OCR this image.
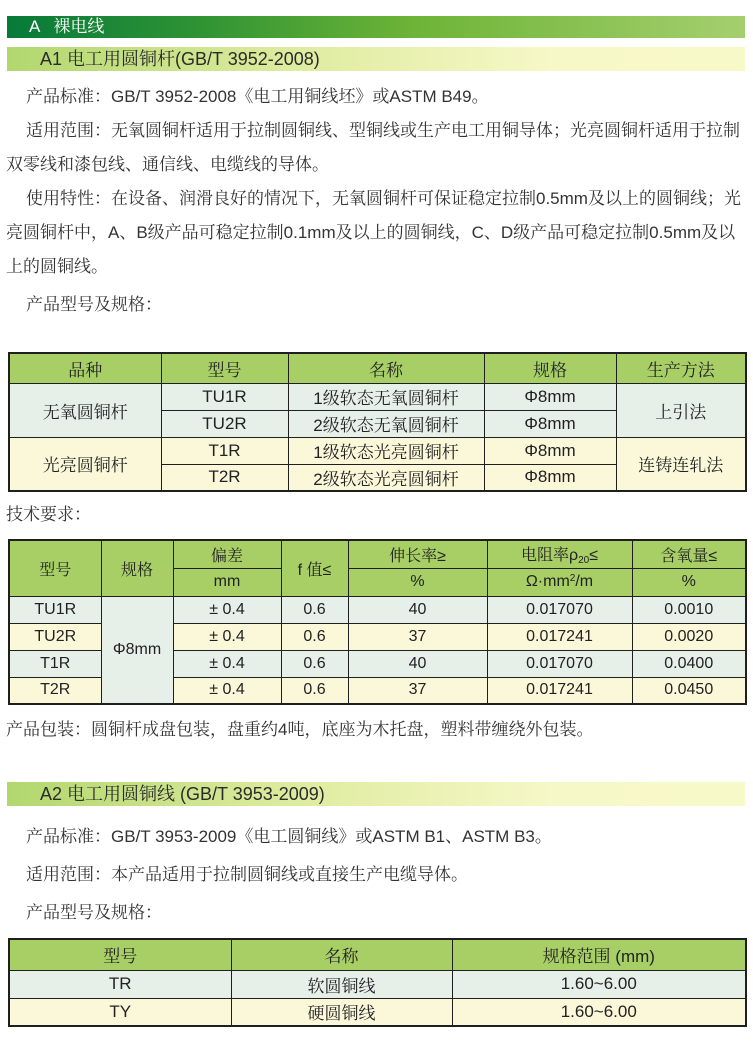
A 裸电线
A1 电工用圆铜杆(GB/T 3952-2008)

产品标准：GB/T 3952-2008《电工用铜线坯》或ASTM B49。

适用范围：无氧圆铜杆适用于拉制圆铜线、型铜线或生产电工用铜导体；光亮圆铜杆适用于拉制双零线和漆包线、通信线、电缆线的导体。

使用特性：在设备、润滑良好的情况下，无氧圆铜杆可保证稳定拉制0.5mm及以上的圆铜线；光亮圆铜杆中，A、B级产品可稳定拉制0.1mm及以上的圆铜线，C、D级产品可稳定拉制0.5mm及以上的圆铜线。

产品型号及规格：

品种	型号	名称	规格	生产方法
无氧圆铜杆	TU1R	1级软态无氧圆铜杆	Φ8mm	上引法
	TU2R	2级软态无氧圆铜杆	Φ8mm	
光亮圆铜杆	T1R	1级软态光亮圆铜杆	Φ8mm	连铸连轧法
	T2R	2级软态光亮圆铜杆	Φ8mm	

技术要求：

型号	规格	偏差	f 值≤	伸长率≥	电阻率$\rho_{20}\le$	含氧量≤
		mm		%	$\Omega\cdot mm^2/m$	%
TU1R	Φ8mm	± 0.4	0.6	40	0.017070	0.0010
TU2R		± 0.4	0.6	37	0.017241	0.0020
T1R		± 0.4	0.6	40	0.017070	0.0400
T2R		± 0.4	0.6	37	0.017241	0.0450

产品包装：圆铜杆成盘包装，盘重约4吨，底座为木托盘，塑料带缠绕外包装。

A2 电工用圆铜线 (GB/T 3953-2009)

产品标准：GB/T 3953-2009《电工圆铜线》或ASTM B1、ASTM B3。

适用范围：本产品适用于拉制圆铜线或直接生产电缆导体。

产品型号及规格：

型号	名称	规格范围 (mm)
TR	软圆铜线	1.60~6.00
TY	硬圆铜线	1.60~6.00
